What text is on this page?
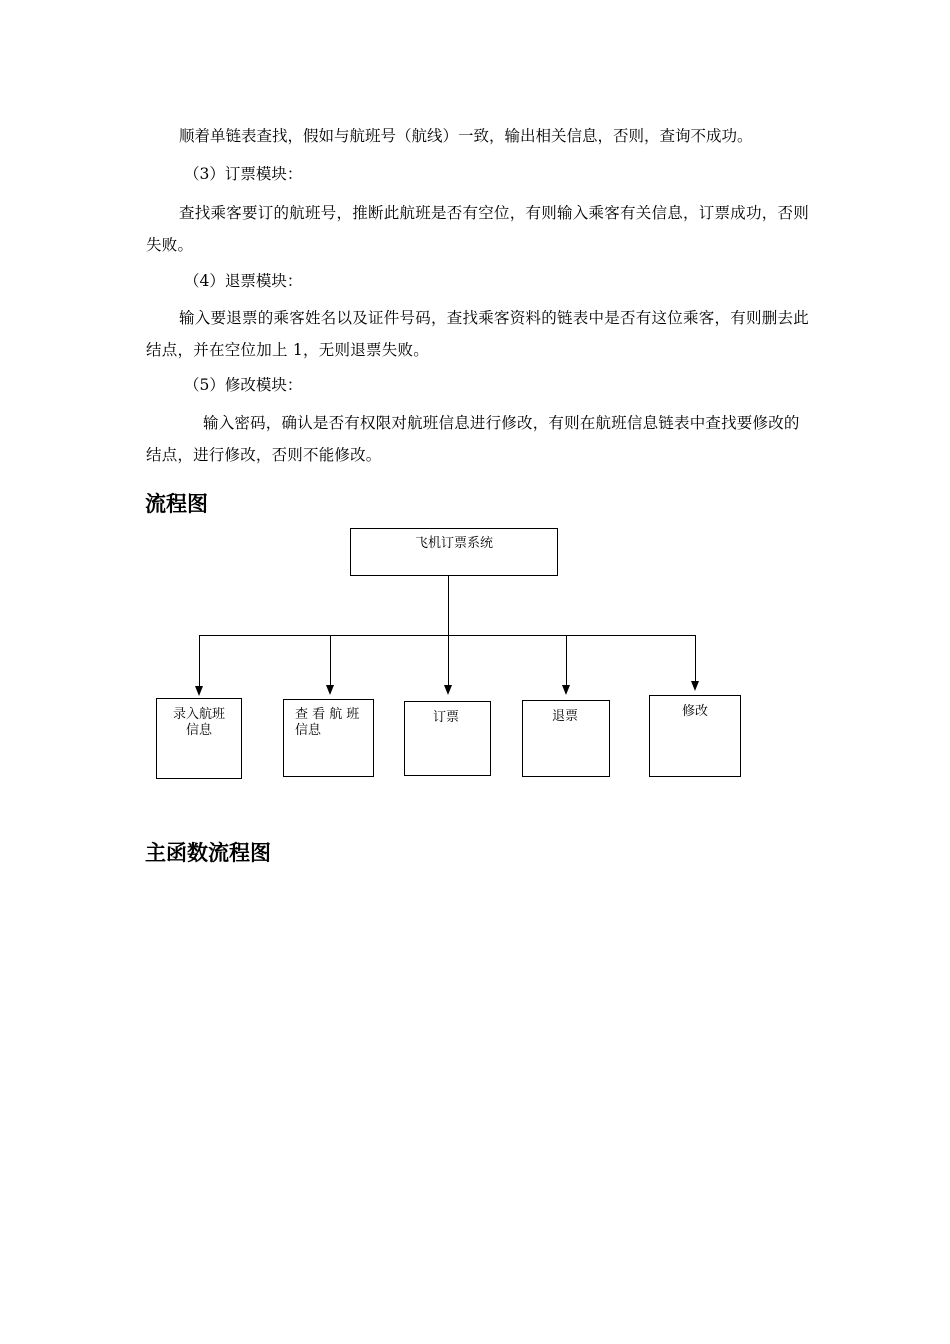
顺着单链表查找，假如与航班号（航线）一致，输出相关信息，否则，查询不成功。

（3）订票模块：

查找乘客要订的航班号，推断此航班是否有空位，有则输入乘客有关信息，订票成功，否则失败。

（4）退票模块：

输入要退票的乘客姓名以及证件号码，查找乘客资料的链表中是否有这位乘客，有则删去此结点，并在空位加上 1，无则退票失败。

（5）修改模块：

输入密码，确认是否有权限对航班信息进行修改，有则在航班信息链表中查找要修改的结点，进行修改，否则不能修改。

流程图
飞机订票系统
录入航班
信息
查 看 航 班
信息
订票	退票	修改
主函数流程图
